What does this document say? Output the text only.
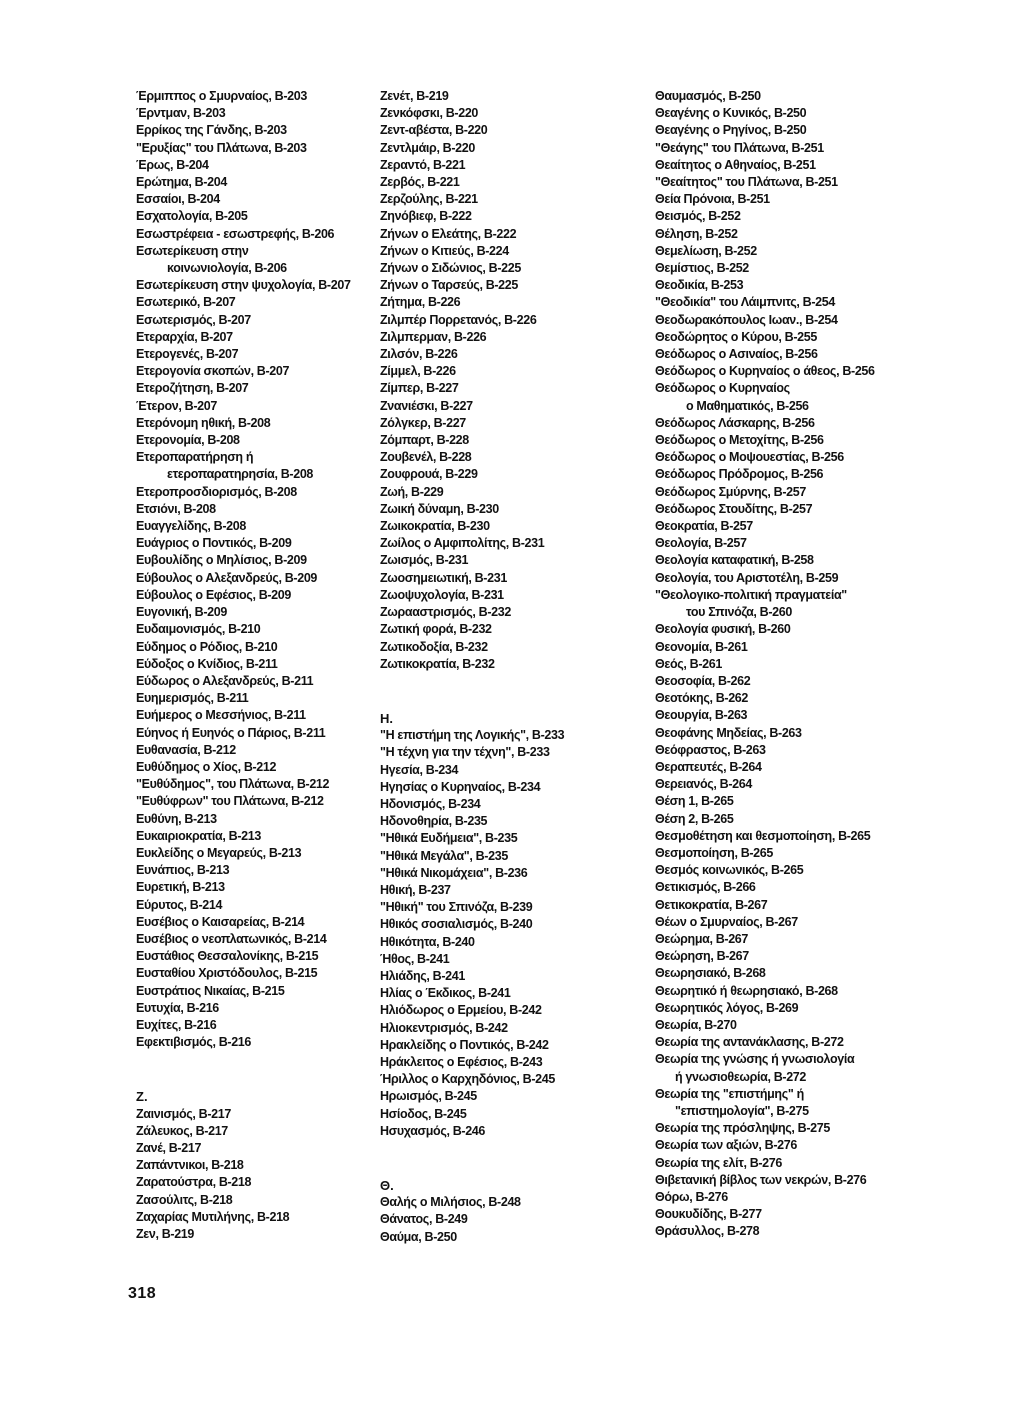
Έρμιππος ο Σμυρναίος, Β-203
Έρντμαν, Β-203
Ερρίκος της Γάνδης, Β-203
"Ερυξίας" του Πλάτωνα, Β-203
Έρως, Β-204
Ερώτημα, Β-204
Εσσαίοι, Β-204
Εσχατολογία, Β-205
Εσωστρέφεια - εσωστρεφής, Β-206
Εσωτερίκευση στην
κοινωνιολογία, Β-206
Εσωτερίκευση στην ψυχολογία, Β-207
Εσωτερικό, Β-207
Εσωτερισμός, Β-207
Ετεραρχία, Β-207
Ετερογενές, Β-207
Ετερογονία σκοπών, Β-207
Ετεροζήτηση, Β-207
Έτερον, Β-207
Ετερόνομη ηθική, Β-208
Ετερονομία, Β-208
Ετεροπαρατήρηση ή
ετεροπαρατηρησία, Β-208
Ετεροπροσδιορισμός, Β-208
Ετσιόνι, Β-208
Ευαγγελίδης, Β-208
Ευάγριος ο Ποντικός, Β-209
Ευβουλίδης ο Μηλίσιος, Β-209
Εύβουλος ο Αλεξανδρεύς, Β-209
Εύβουλος ο Εφέσιος, Β-209
Ευγονική, Β-209
Ευδαιμονισμός, Β-210
Εύδημος ο Ρόδιος, Β-210
Εύδοξος ο Κνίδιος, Β-211
Εύδωρος ο Αλεξανδρεύς, Β-211
Ευημερισμός, Β-211
Ευήμερος ο Μεσσήνιος, Β-211
Εύηνος ή Ευηνός ο Πάριος, Β-211
Ευθανασία, Β-212
Ευθύδημος ο Χίος, Β-212
"Ευθύδημος", του Πλάτωνα, Β-212
"Ευθύφρων" του Πλάτωνα, Β-212
Ευθύνη, Β-213
Ευκαιριοκρατία, Β-213
Ευκλείδης ο Μεγαρεύς, Β-213
Ευνάπιος, Β-213
Ευρετική, Β-213
Εύρυτος, Β-214
Ευσέβιος ο Καισαρείας, Β-214
Ευσέβιος ο νεοπλατωνικός, Β-214
Ευστάθιος Θεσσαλονίκης, Β-215
Ευσταθίου Χριστόδουλος, Β-215
Ευστράτιος Νικαίας, Β-215
Ευτυχία, Β-216
Ευχίτες, Β-216
Εφεκτιβισμός, Β-216
Ζ.
Ζαινισμός, Β-217
Ζάλευκος, Β-217
Ζανέ, Β-217
Ζαπάντνικοι, Β-218
Ζαρατούστρα, Β-218
Ζασούλιτς, Β-218
Ζαχαρίας Μυτιλήνης, Β-218
Ζεν, Β-219
Ζενέτ, Β-219
Ζενκόφσκι, Β-220
Ζεντ-αβέστα, Β-220
Ζεντλμάιρ, Β-220
Ζεραντό, Β-221
Ζερβός, Β-221
Ζερζούλης, Β-221
Ζηνόβιεφ, Β-222
Ζήνων ο Ελεάτης, Β-222
Ζήνων ο Κιτιεύς, Β-224
Ζήνων ο Σιδώνιος, Β-225
Ζήνων ο Ταρσεύς, Β-225
Ζήτημα, Β-226
Ζιλμπέρ Πορρετανός, Β-226
Ζιλμπερμαν, Β-226
Ζιλσόν, Β-226
Ζίμμελ, Β-226
Ζίμπερ, Β-227
Ζνανιέσκι, Β-227
Ζόλγκερ, Β-227
Ζόμπαρτ, Β-228
Ζουβενέλ, Β-228
Ζουφρουά, Β-229
Ζωή, Β-229
Ζωική δύναμη, Β-230
Ζωικοκρατία, Β-230
Ζωίλος ο Αμφιπολίτης, Β-231
Ζωισμός, Β-231
Ζωοσημειωτική, Β-231
Ζωοψυχολογία, Β-231
Ζωρααστρισμός, Β-232
Ζωτική φορά, Β-232
Ζωτικοδοξία, Β-232
Ζωτικοκρατία, Β-232
Η.
"Η επιστήμη της Λογικής", Β-233
"Η τέχνη για την τέχνη", Β-233
Ηγεσία, Β-234
Ηγησίας ο Κυρηναίος, Β-234
Ηδονισμός, Β-234
Ηδονοθηρία, Β-235
"Ηθικά Ευδήμεια", Β-235
"Ηθικά Μεγάλα", Β-235
"Ηθικά Νικομάχεια", Β-236
Ηθική, Β-237
"Ηθική" του Σπινόζα, Β-239
Ηθικός σοσιαλισμός, Β-240
Ηθικότητα, Β-240
Ήθος, Β-241
Ηλιάδης, Β-241
Ηλίας ο Έκδικος, Β-241
Ηλιόδωρος ο Ερμείου, Β-242
Ηλιοκεντρισμός, Β-242
Ηρακλείδης ο Ποντικός, Β-242
Ηράκλειτος ο Εφέσιος, Β-243
Ήριλλος ο Καρχηδόνιος, Β-245
Ηρωισμός, Β-245
Ησίοδος, Β-245
Ησυχασμός, Β-246
Θ.
Θαλής ο Μιλήσιος, Β-248
Θάνατος, Β-249
Θαύμα, Β-250
Θαυμασμός, Β-250
Θεαγένης ο Κυνικός, Β-250
Θεαγένης ο Ρηγίνος, Β-250
"Θεάγης" του Πλάτωνα, Β-251
Θεαίτητος ο Αθηναίος, Β-251
"Θεαίτητος" του Πλάτωνα, Β-251
Θεία Πρόνοια, Β-251
Θεισμός, Β-252
Θέληση, Β-252
Θεμελίωση, Β-252
Θεμίστιος, Β-252
Θεοδικία, Β-253
"Θεοδικία" του Λάιμπνιτς, Β-254
Θεοδωρακόπουλος Ιωαν., Β-254
Θεοδώρητος ο Κύρου, Β-255
Θεόδωρος ο Ασιναίος, Β-256
Θεόδωρος ο Κυρηναίος ο άθεος, Β-256
Θεόδωρος ο Κυρηναίος
ο Μαθηματικός, Β-256
Θεόδωρος Λάσκαρης, Β-256
Θεόδωρος ο Μετοχίτης, Β-256
Θεόδωρος ο Μοψουεστίας, Β-256
Θεόδωρος Πρόδρομος, Β-256
Θεόδωρος Σμύρνης, Β-257
Θεόδωρος Στουδίτης, Β-257
Θεοκρατία, Β-257
Θεολογία, Β-257
Θεολογία καταφατική, Β-258
Θεολογία, του Αριστοτέλη, Β-259
"Θεολογικο-πολιτική πραγματεία"
του Σπινόζα, Β-260
Θεολογία φυσική, Β-260
Θεονομία, Β-261
Θεός, Β-261
Θεοσοφία, Β-262
Θεοτόκης, Β-262
Θεουργία, Β-263
Θεοφάνης Μηδείας, Β-263
Θεόφραστος, Β-263
Θεραπευτές, Β-264
Θερειανός, Β-264
Θέση 1, Β-265
Θέση 2, Β-265
Θεσμοθέτηση και θεσμοποίηση, Β-265
Θεσμοποίηση, Β-265
Θεσμός κοινωνικός, Β-265
Θετικισμός, Β-266
Θετικοκρατία, Β-267
Θέων ο Σμυρναίος, Β-267
Θεώρημα, Β-267
Θεώρηση, Β-267
Θεωρησιακό, Β-268
Θεωρητικό ή θεωρησιακό, Β-268
Θεωρητικός λόγος, Β-269
Θεωρία, Β-270
Θεωρία της αντανάκλασης, Β-272
Θεωρία της γνώσης ή γνωσιολογία
ή γνωσιοθεωρία, Β-272
Θεωρία της "επιστήμης" ή
"επιστημολογία", Β-275
Θεωρία της πρόσληψης, Β-275
Θεωρία των αξιών, Β-276
Θεωρία της ελίτ, Β-276
Θιβετανική βίβλος των νεκρών, Β-276
Θόρω, Β-276
Θουκυδίδης, Β-277
Θράσυλλος, Β-278
318
